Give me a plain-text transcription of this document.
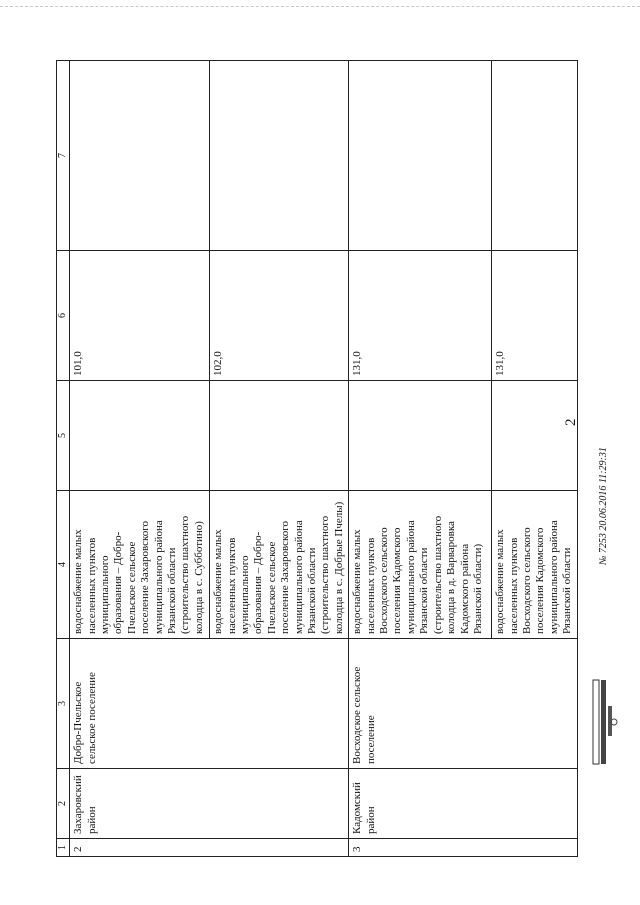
2
1	2	3	4	5	6	7
2	Захаровский район	Добро-Пчельское сельское поселение	водоснабжение малых населенных пунктов муниципального образования – Добро-Пчельское сельское поселение Захаровского муниципального района Рязанской области (строительство шахтного колодца в с. Субботино)		101,0	
			водоснабжение малых населенных пунктов муниципального образования – Добро-Пчельское сельское поселение Захаровского муниципального района Рязанской области (строительство шахтного колодца в с. Добрые Пчелы)		102,0	
3	Кадомский район	Восходское сельское поселение	водоснабжение малых населенных пунктов Восходского сельского поселения Кадомского муниципального района Рязанской области (строительство шахтного колодца в д. Варваровка Кадомского района Рязанской области)		131,0	
			водоснабжение малых населенных пунктов Восходского сельского поселения Кадомского муниципального района Рязанской области		131,0	
№ 7253 20.06.2016 11:29:31
